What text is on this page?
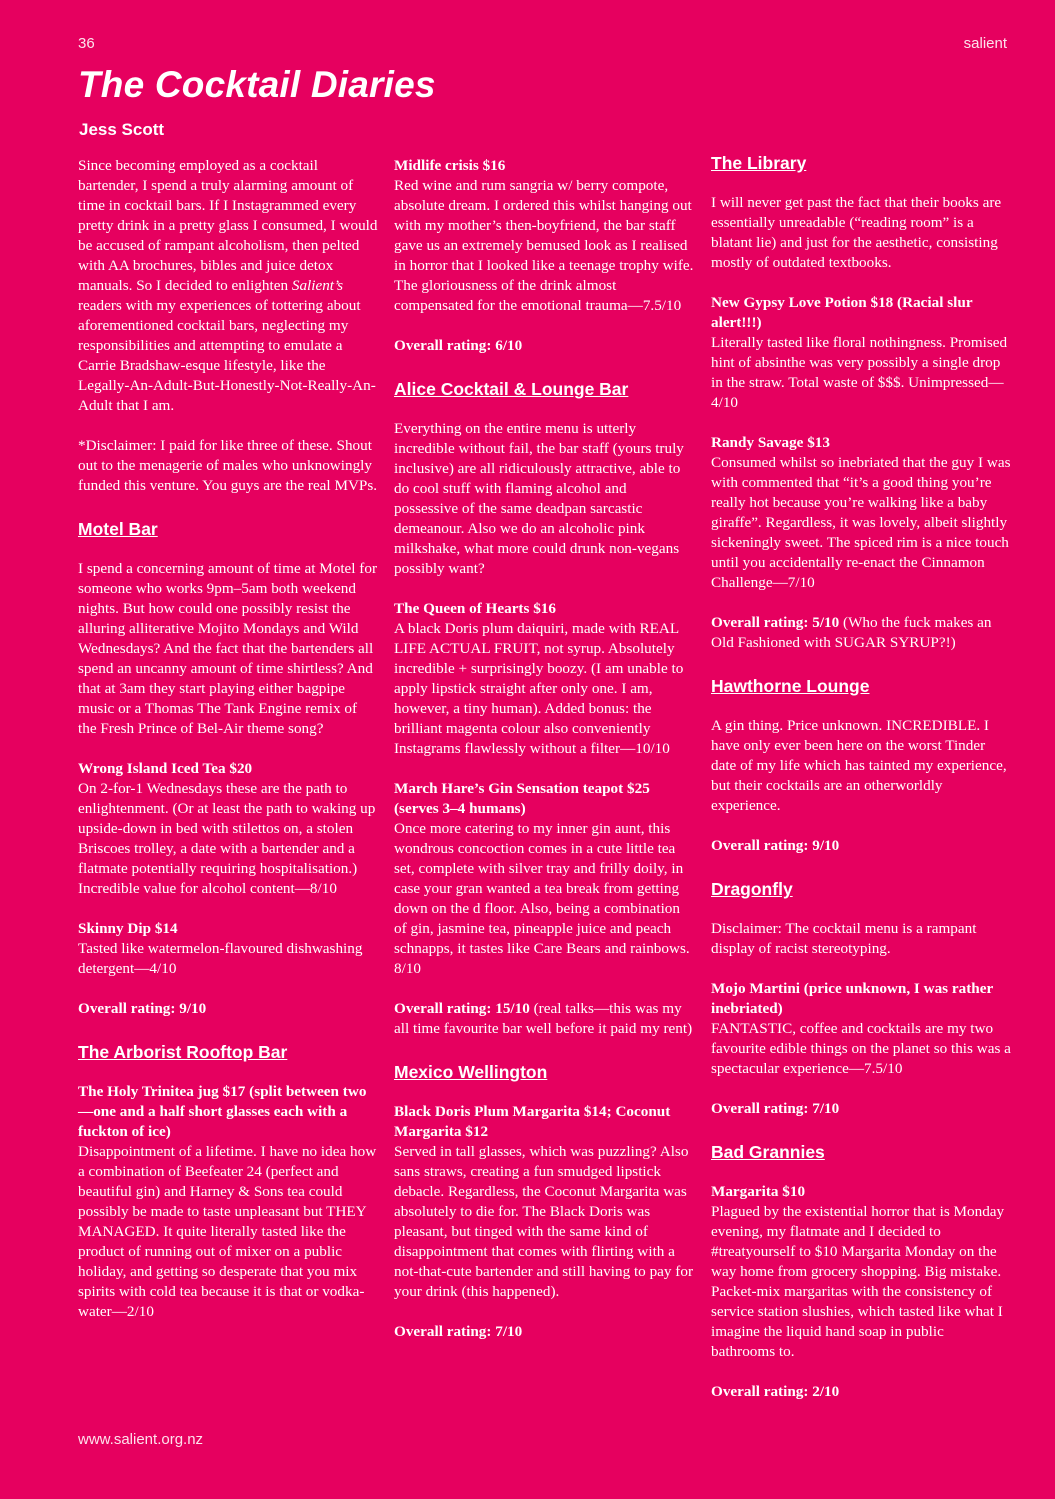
36	salient

The Cocktail Diaries

Jess Scott

Since becoming employed as a cocktail bartender, I spend a truly alarming amount of time in cocktail bars. If I Instagrammed every pretty drink in a pretty glass I consumed, I would be accused of rampant alcoholism, then pelted with AA brochures, bibles and juice detox manuals. So I decided to enlighten Salient’s readers with my experiences of tottering about aforementioned cocktail bars, neglecting my responsibilities and attempting to emulate a Carrie Bradshaw-esque lifestyle, like the Legally-An-Adult-But-Honestly-Not-Really-An-Adult that I am.

*Disclaimer: I paid for like three of these. Shout out to the menagerie of males who unknowingly funded this venture. You guys are the real MVPs.

Motel Bar

I spend a concerning amount of time at Motel for someone who works 9pm–5am both weekend nights. But how could one possibly resist the alluring alliterative Mojito Mondays and Wild Wednesdays? And the fact that the bartenders all spend an uncanny amount of time shirtless? And that at 3am they start playing either bagpipe music or a Thomas The Tank Engine remix of the Fresh Prince of Bel-Air theme song?

Wrong Island Iced Tea $20

On 2-for-1 Wednesdays these are the path to enlightenment. (Or at least the path to waking up upside-down in bed with stilettos on, a stolen Briscoes trolley, a date with a bartender and a flatmate potentially requiring hospitalisation.) Incredible value for alcohol content—8/10

Skinny Dip $14

Tasted like watermelon-flavoured dishwashing detergent—4/10

Overall rating: 9/10

The Arborist Rooftop Bar
The Holy Trinitea jug $17 (split between two—one and a half short glasses each with a fuckton of ice)

Disappointment of a lifetime. I have no idea how a combination of Beefeater 24 (perfect and beautiful gin) and Harney & Sons tea could possibly be made to taste unpleasant but THEY MANAGED. It quite literally tasted like the product of running out of mixer on a public holiday, and getting so desperate that you mix spirits with cold tea because it is that or vodka-water—2/10

Midlife crisis $16

Red wine and rum sangria w/ berry compote, absolute dream. I ordered this whilst hanging out with my mother’s then-boyfriend, the bar staff gave us an extremely bemused look as I realised in horror that I looked like a teenage trophy wife. The gloriousness of the drink almost compensated for the emotional trauma—7.5/10

Overall rating: 6/10

Alice Cocktail & Lounge Bar

Everything on the entire menu is utterly incredible without fail, the bar staff (yours truly inclusive) are all ridiculously attractive, able to do cool stuff with flaming alcohol and possessive of the same deadpan sarcastic demeanour. Also we do an alcoholic pink milkshake, what more could drunk non-vegans possibly want?

The Queen of Hearts $16

A black Doris plum daiquiri, made with REAL LIFE ACTUAL FRUIT, not syrup. Absolutely incredible + surprisingly boozy. (I am unable to apply lipstick straight after only one. I am, however, a tiny human). Added bonus: the brilliant magenta colour also conveniently Instagrams flawlessly without a filter—10/10

March Hare’s Gin Sensation teapot $25 (serves 3–4 humans)

Once more catering to my inner gin aunt, this wondrous concoction comes in a cute little tea set, complete with silver tray and frilly doily, in case your gran wanted a tea break from getting down on the d floor. Also, being a combination of gin, jasmine tea, pineapple juice and peach schnapps, it tastes like Care Bears and rainbows. 8/10

Overall rating: 15/10 (real talks—this was my all time favourite bar well before it paid my rent)

Mexico Wellington
Black Doris Plum Margarita $14; Coconut Margarita $12

Served in tall glasses, which was puzzling? Also sans straws, creating a fun smudged lipstick debacle. Regardless, the Coconut Margarita was absolutely to die for. The Black Doris was pleasant, but tinged with the same kind of disappointment that comes with flirting with a not-that-cute bartender and still having to pay for your drink (this happened).

Overall rating: 7/10

The Library

I will never get past the fact that their books are essentially unreadable (“reading room” is a blatant lie) and just for the aesthetic, consisting mostly of outdated textbooks.

New Gypsy Love Potion $18 (Racial slur alert!!!)

Literally tasted like floral nothingness. Promised hint of absinthe was very possibly a single drop in the straw. Total waste of $$$. Unimpressed—4/10

Randy Savage $13

Consumed whilst so inebriated that the guy I was with commented that “it’s a good thing you’re really hot because you’re walking like a baby giraffe”. Regardless, it was lovely, albeit slightly sickeningly sweet. The spiced rim is a nice touch until you accidentally re-enact the Cinnamon Challenge—7/10

Overall rating: 5/10 (Who the fuck makes an Old Fashioned with SUGAR SYRUP?!)

Hawthorne Lounge

A gin thing. Price unknown. INCREDIBLE. I have only ever been here on the worst Tinder date of my life which has tainted my experience, but their cocktails are an otherworldly experience.

Overall rating: 9/10

Dragonfly

Disclaimer: The cocktail menu is a rampant display of racist stereotyping.

Mojo Martini (price unknown, I was rather inebriated)

FANTASTIC, coffee and cocktails are my two favourite edible things on the planet so this was a spectacular experience—7.5/10

Overall rating: 7/10

Bad Grannies
Margarita $10

Plagued by the existential horror that is Monday evening, my flatmate and I decided to #treatyourself to $10 Margarita Monday on the way home from grocery shopping. Big mistake. Packet-mix margaritas with the consistency of service station slushies, which tasted like what I imagine the liquid hand soap in public bathrooms to.

Overall rating: 2/10

www.salient.org.nz
